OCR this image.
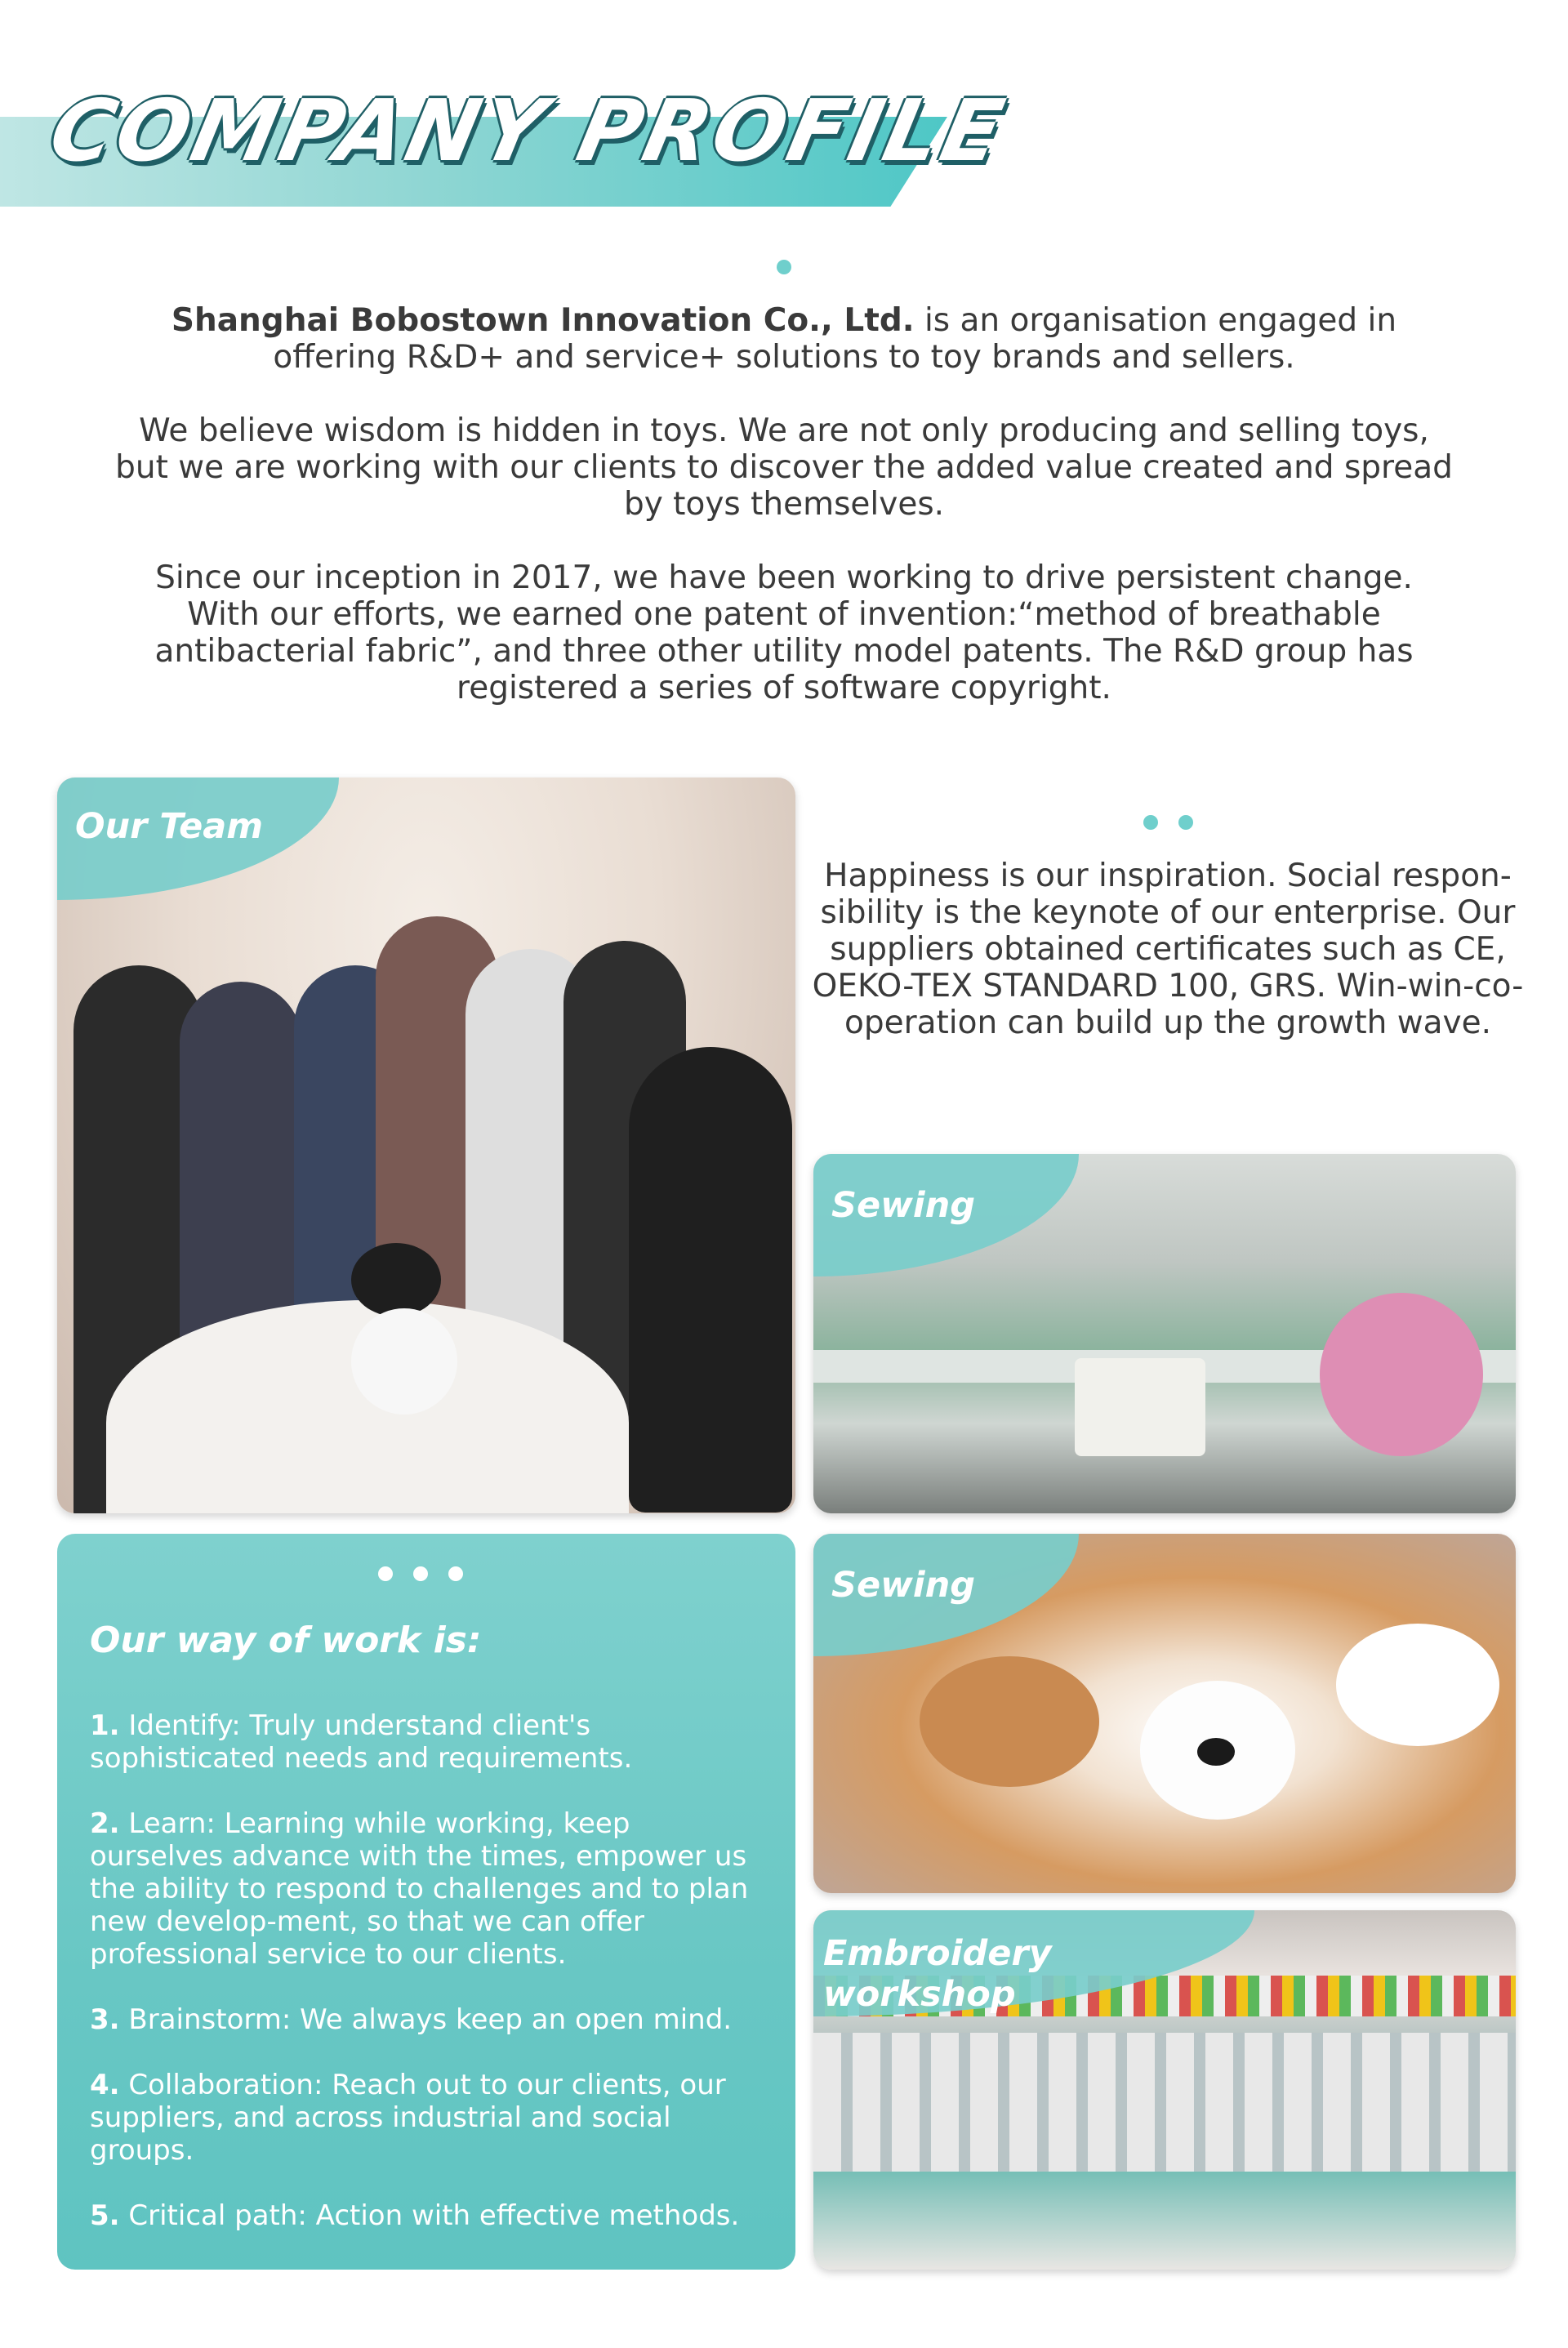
COMPANY PROFILE

Shanghai Bobostown Innovation Co., Ltd. is an organisation engaged in offering R&D+ and service+ solutions to toy brands and sellers.

We believe wisdom is hidden in toys. We are not only producing and selling toys, but we are working with our clients to discover the added value created and spread by toys themselves.

Since our inception in 2017, we have been working to drive persistent change. With our efforts, we earned one patent of invention:“method of breathable antibacterial fabric”, and three other utility model patents. The R&D group has registered a series of software copyright.

Our Team
Happiness is our inspiration. Social respon-sibility is the keynote of our enterprise. Our suppliers obtained certificates such as CE, OEKO-TEX STANDARD 100, GRS. Win-win-co-operation can build up the growth wave.
Sewing
Our way of work is:
1. Identify: Truly understand client's sophisticated needs and requirements.
2. Learn: Learning while working, keep ourselves advance with the times, empower us the ability to respond to challenges and to plan new develop-ment, so that we can offer professional service to our clients.
3. Brainstorm: We always keep an open mind.
4. Collaboration: Reach out to our clients, our suppliers, and across industrial and social groups.
5. Critical path: Action with effective methods.
Sewing
Embroidery workshop
